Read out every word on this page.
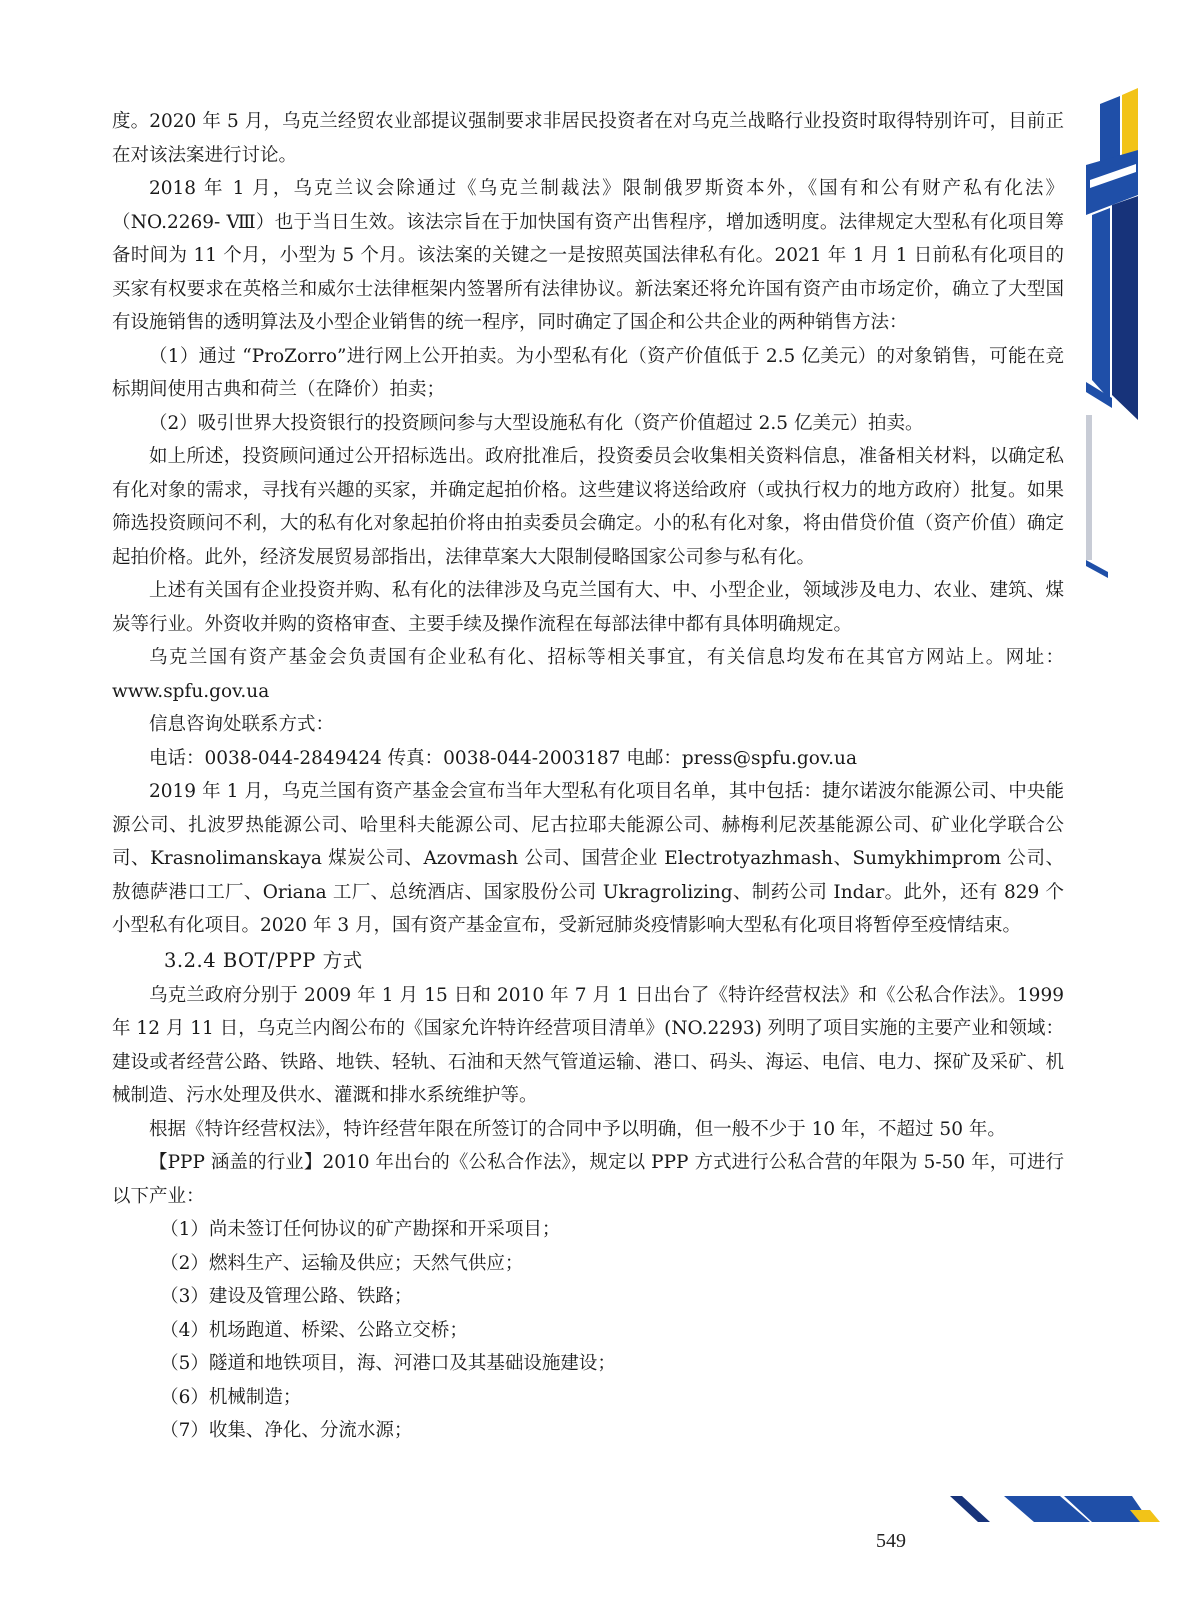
度。2020 年 5 月，乌克兰经贸农业部提议强制要求非居民投资者在对乌克兰战略行业投资时取得特别许可，目前正在对该法案进行讨论。

2018 年 1 月，乌克兰议会除通过《乌克兰制裁法》限制俄罗斯资本外，《国有和公有财产私有化法》（NO.2269- Ⅷ）也于当日生效。该法宗旨在于加快国有资产出售程序，增加透明度。法律规定大型私有化项目筹备时间为 11 个月，小型为 5 个月。该法案的关键之一是按照英国法律私有化。2021 年 1 月 1 日前私有化项目的买家有权要求在英格兰和威尔士法律框架内签署所有法律协议。新法案还将允许国有资产由市场定价，确立了大型国有设施销售的透明算法及小型企业销售的统一程序，同时确定了国企和公共企业的两种销售方法：

（1）通过 “ProZorro”进行网上公开拍卖。为小型私有化（资产价值低于 2.5 亿美元）的对象销售，可能在竞标期间使用古典和荷兰（在降价）拍卖；

（2）吸引世界大投资银行的投资顾问参与大型设施私有化（资产价值超过 2.5 亿美元）拍卖。

如上所述，投资顾问通过公开招标选出。政府批准后，投资委员会收集相关资料信息，准备相关材料，以确定私有化对象的需求，寻找有兴趣的买家，并确定起拍价格。这些建议将送给政府（或执行权力的地方政府）批复。如果筛选投资顾问不利，大的私有化对象起拍价将由拍卖委员会确定。小的私有化对象，将由借贷价值（资产价值）确定起拍价格。此外，经济发展贸易部指出，法律草案大大限制侵略国家公司参与私有化。

上述有关国有企业投资并购、私有化的法律涉及乌克兰国有大、中、小型企业，领域涉及电力、农业、建筑、煤炭等行业。外资收并购的资格审查、主要手续及操作流程在每部法律中都有具体明确规定。

乌克兰国有资产基金会负责国有企业私有化、招标等相关事宜，有关信息均发布在其官方网站上。网址：www.spfu.gov.ua

信息咨询处联系方式：

电话：0038-044-2849424 传真：0038-044-2003187 电邮：press@spfu.gov.ua

2019 年 1 月，乌克兰国有资产基金会宣布当年大型私有化项目名单，其中包括：捷尔诺波尔能源公司、中央能源公司、扎波罗热能源公司、哈里科夫能源公司、尼古拉耶夫能源公司、赫梅利尼茨基能源公司、矿业化学联合公司、Krasnolimanskaya 煤炭公司、Azovmash 公司、国营企业 Electrotyazhmash、Sumykhimprom 公司、敖德萨港口工厂、Oriana 工厂、总统酒店、国家股份公司 Ukragrolizing、制药公司 Indar。此外，还有 829 个小型私有化项目。2020 年 3 月，国有资产基金宣布，受新冠肺炎疫情影响大型私有化项目将暂停至疫情结束。

3.2.4 BOT/PPP 方式

乌克兰政府分别于 2009 年 1 月 15 日和 2010 年 7 月 1 日出台了《特许经营权法》和《公私合作法》。1999 年 12 月 11 日，乌克兰内阁公布的《国家允许特许经营项目清单》(NO.2293) 列明了项目实施的主要产业和领域：建设或者经营公路、铁路、地铁、轻轨、石油和天然气管道运输、港口、码头、海运、电信、电力、探矿及采矿、机械制造、污水处理及供水、灌溉和排水系统维护等。

根据《特许经营权法》，特许经营年限在所签订的合同中予以明确，但一般不少于 10 年，不超过 50 年。

【PPP 涵盖的行业】2010 年出台的《公私合作法》，规定以 PPP 方式进行公私合营的年限为 5-50 年，可进行以下产业：

（1）尚未签订任何协议的矿产勘探和开采项目；

（2）燃料生产、运输及供应；天然气供应；

（3）建设及管理公路、铁路；

（4）机场跑道、桥梁、公路立交桥；

（5）隧道和地铁项目，海、河港口及其基础设施建设；

（6）机械制造；

（7）收集、净化、分流水源；

549
